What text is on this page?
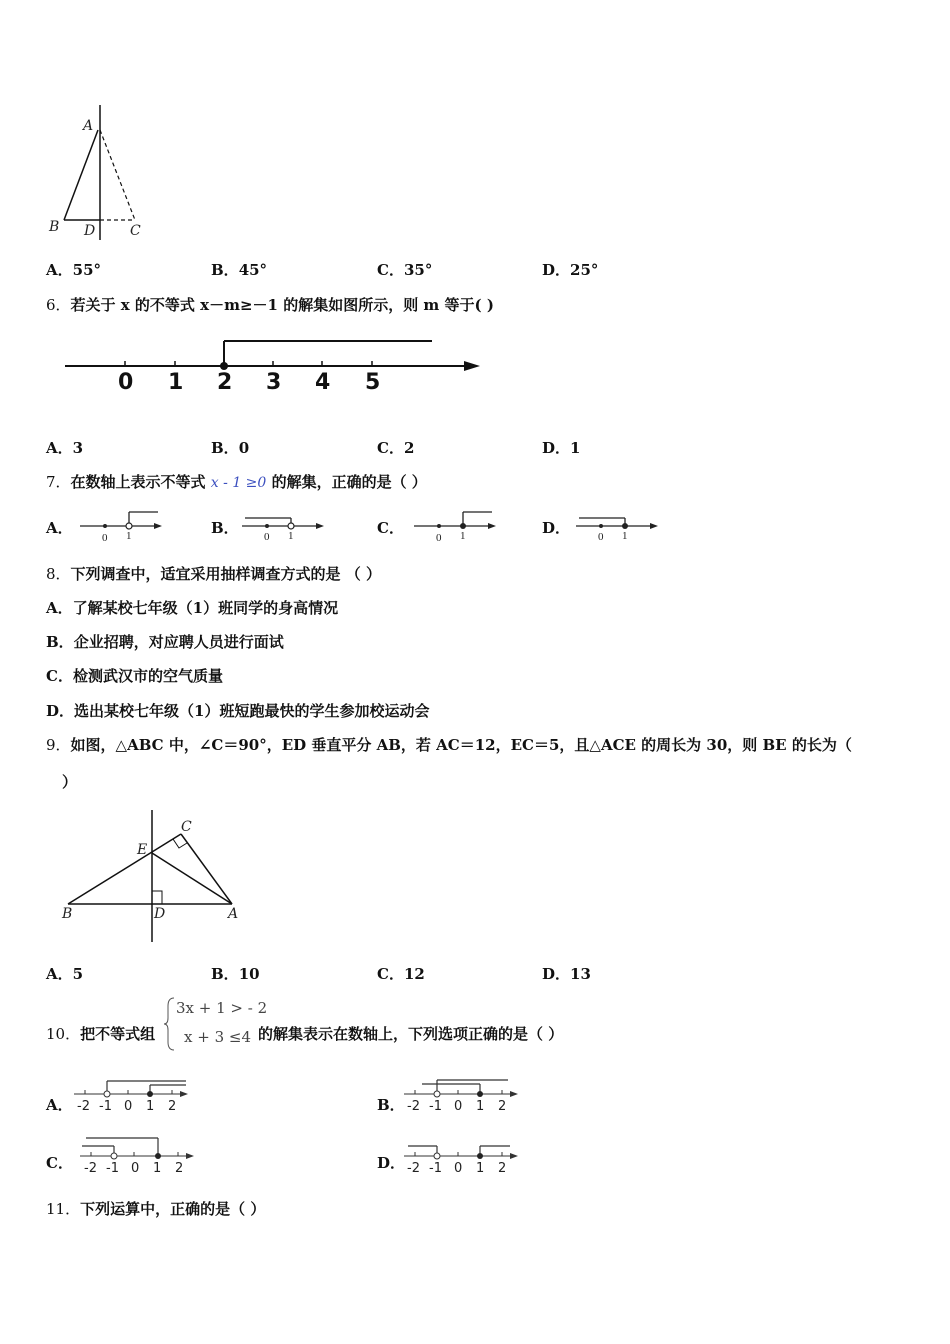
A
B D C
A．55°	B．45°	C．35°	D．25°
6．若关于 x 的不等式 x－m≥－1 的解集如图所示，则 m 等于( )
0 1 2 3 4 5
A．3	B．0	C．2	D．1
7．在数轴上表示不等式 x - 1 ≥0 的解集，正确的是（ ）
A．
0 1	B． 0 1	C．
0 1	D．	0 1
8．下列调查中，适宜采用抽样调查方式的是 （ ）
A．了解某校七年级（1）班同学的身高情况
B．企业招聘，对应聘人员进行面试
C．检测武汉市的空气质量
D．选出某校七年级（1）班短跑最快的学生参加校运动会
9．如图，△ABC 中，∠C＝90°，ED 垂直平分 AB，若 AC＝12，EC＝5，且△ACE 的周长为 30，则 BE 的长为（
）
C
E
B	D	A
A．5	B．10	C．12	D．13
10．把不等式组
3x + 1 > - 2
x + 3 ≤4 的解集表示在数轴上，下列选项正确的是（ ）
A． -2 -1 0 1 2	B． -2 -1 0 1 2
C． -2 -1 0 1 2	D． -2 -1 0 1 2
11．下列运算中，正确的是（ ）
